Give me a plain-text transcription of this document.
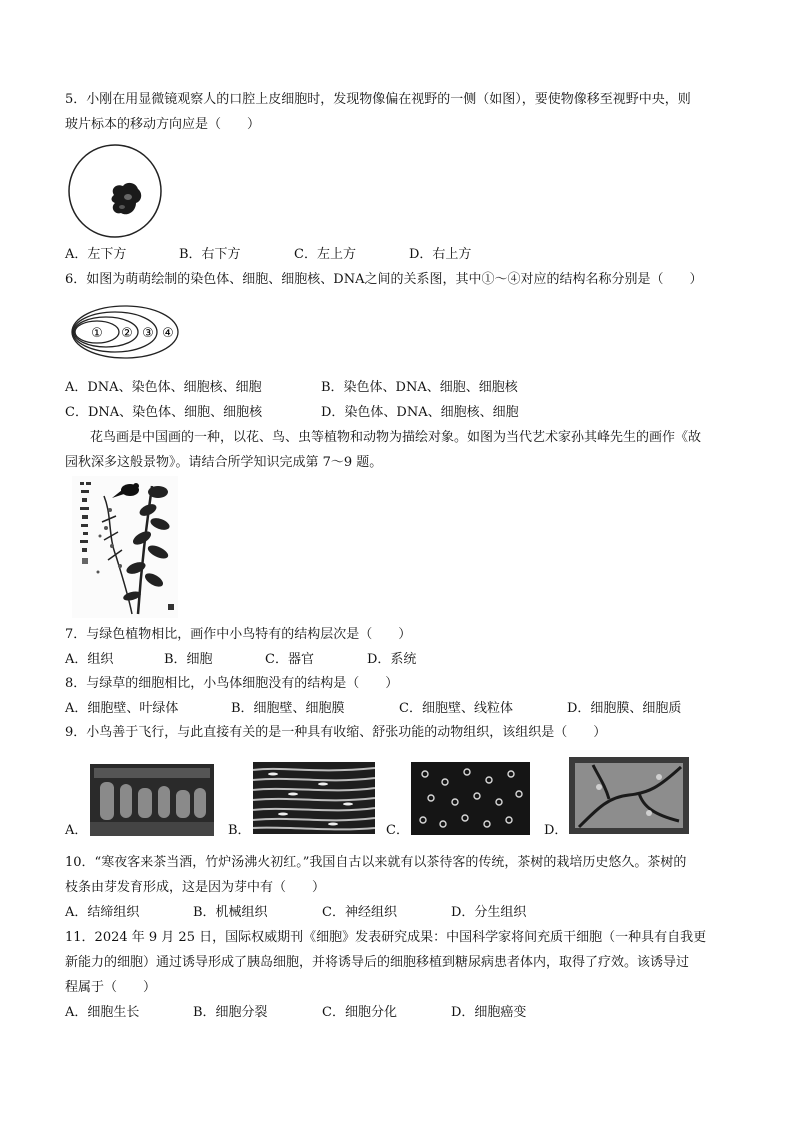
5．小刚在用显微镜观察人的口腔上皮细胞时，发现物像偏在视野的一侧（如图），要使物像移至视野中央，则
玻片标本的移动方向应是（　　）
A．左下方	B．右下方	C．左上方	D．右上方
6．如图为萌萌绘制的染色体、细胞、细胞核、DNA之间的关系图，其中①～④对应的结构名称分别是（　　）
① ② ③ ④
A．DNA、染色体、细胞核、细胞	B．染色体、DNA、细胞、细胞核
C．DNA、染色体、细胞、细胞核	D．染色体、DNA、细胞核、细胞
花鸟画是中国画的一种，以花、鸟、虫等植物和动物为描绘对象。如图为当代艺术家孙其峰先生的画作《故
园秋深多这般景物》。请结合所学知识完成第 7～9 题。
7．与绿色植物相比，画作中小鸟特有的结构层次是（　　）
A．组织	B．细胞	C．器官	D．系统
8．与绿草的细胞相比，小鸟体细胞没有的结构是（　　）
A．细胞壁、叶绿体	B．细胞壁、细胞膜	C．细胞壁、线粒体	D．细胞膜、细胞质
9．小鸟善于飞行，与此直接有关的是一种具有收缩、舒张功能的动物组织，该组织是（　　）
A．	B．	C．	D．
10．“寒夜客来茶当酒，竹炉汤沸火初红。”我国自古以来就有以茶待客的传统，茶树的栽培历史悠久。茶树的
枝条由芽发育形成，这是因为芽中有（　　）
A．结缔组织	B．机械组织	C．神经组织	D．分生组织
11．2024 年 9 月 25 日，国际权威期刊《细胞》发表研究成果：中国科学家将间充质干细胞（一种具有自我更
新能力的细胞）通过诱导形成了胰岛细胞，并将诱导后的细胞移植到糖尿病患者体内，取得了疗效。该诱导过
程属于（　　）
A．细胞生长	B．细胞分裂	C．细胞分化	D．细胞癌变
